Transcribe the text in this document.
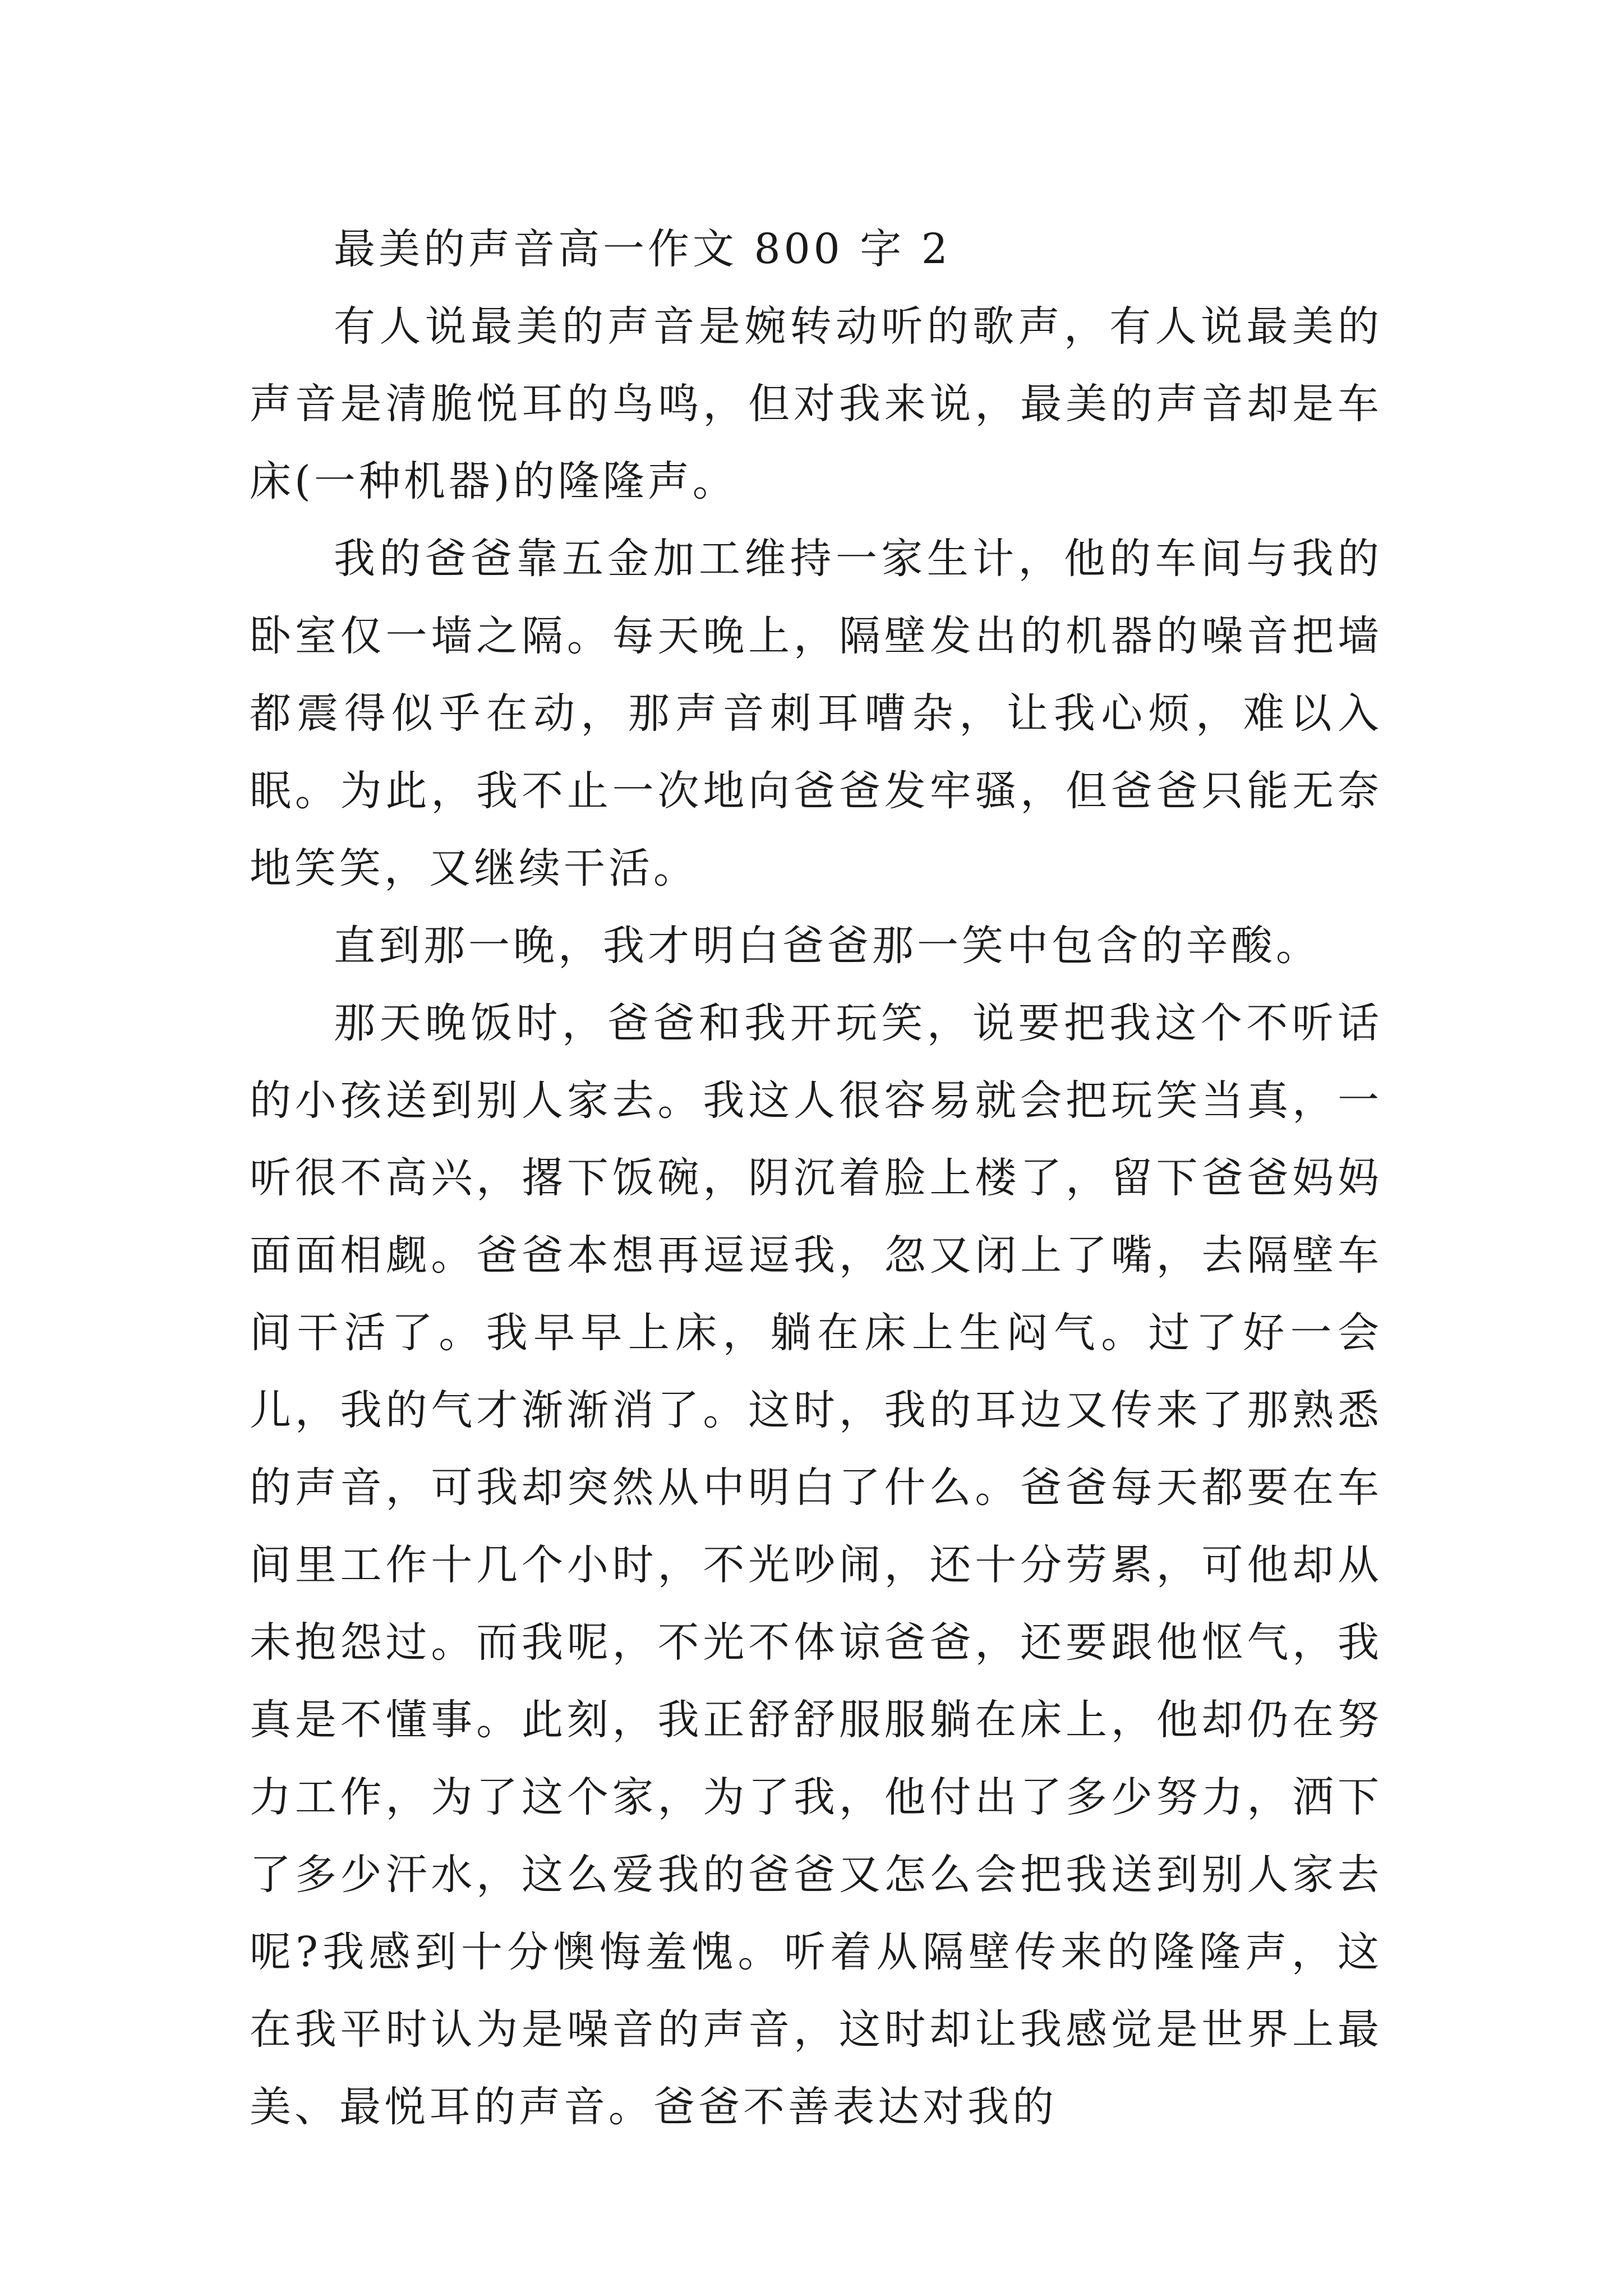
最美的声音高一作文 800 字 2

有人说最美的声音是婉转动听的歌声，有人说最美的声音是清脆悦耳的鸟鸣，但对我来说，最美的声音却是车床(一种机器)的隆隆声。

我的爸爸靠五金加工维持一家生计，他的车间与我的卧室仅一墙之隔。每天晚上，隔壁发出的机器的噪音把墙都震得似乎在动，那声音刺耳嘈杂，让我心烦，难以入眠。为此，我不止一次地向爸爸发牢骚，但爸爸只能无奈地笑笑，又继续干活。

直到那一晚，我才明白爸爸那一笑中包含的辛酸。

那天晚饭时，爸爸和我开玩笑，说要把我这个不听话的小孩送到别人家去。我这人很容易就会把玩笑当真，一听很不高兴，撂下饭碗，阴沉着脸上楼了，留下爸爸妈妈面面相觑。爸爸本想再逗逗我，忽又闭上了嘴，去隔壁车间干活了。我早早上床，躺在床上生闷气。过了好一会儿，我的气才渐渐消了。这时，我的耳边又传来了那熟悉的声音，可我却突然从中明白了什么。爸爸每天都要在车间里工作十几个小时，不光吵闹，还十分劳累，可他却从未抱怨过。而我呢，不光不体谅爸爸，还要跟他怄气，我真是不懂事。此刻，我正舒舒服服躺在床上，他却仍在努力工作，为了这个家，为了我，他付出了多少努力，洒下了多少汗水，这么爱我的爸爸又怎么会把我送到别人家去呢?我感到十分懊悔羞愧。听着从隔壁传来的隆隆声，这在我平时认为是噪音的声音，这时却让我感觉是世界上最美、最悦耳的声音。爸爸不善表达对我的
